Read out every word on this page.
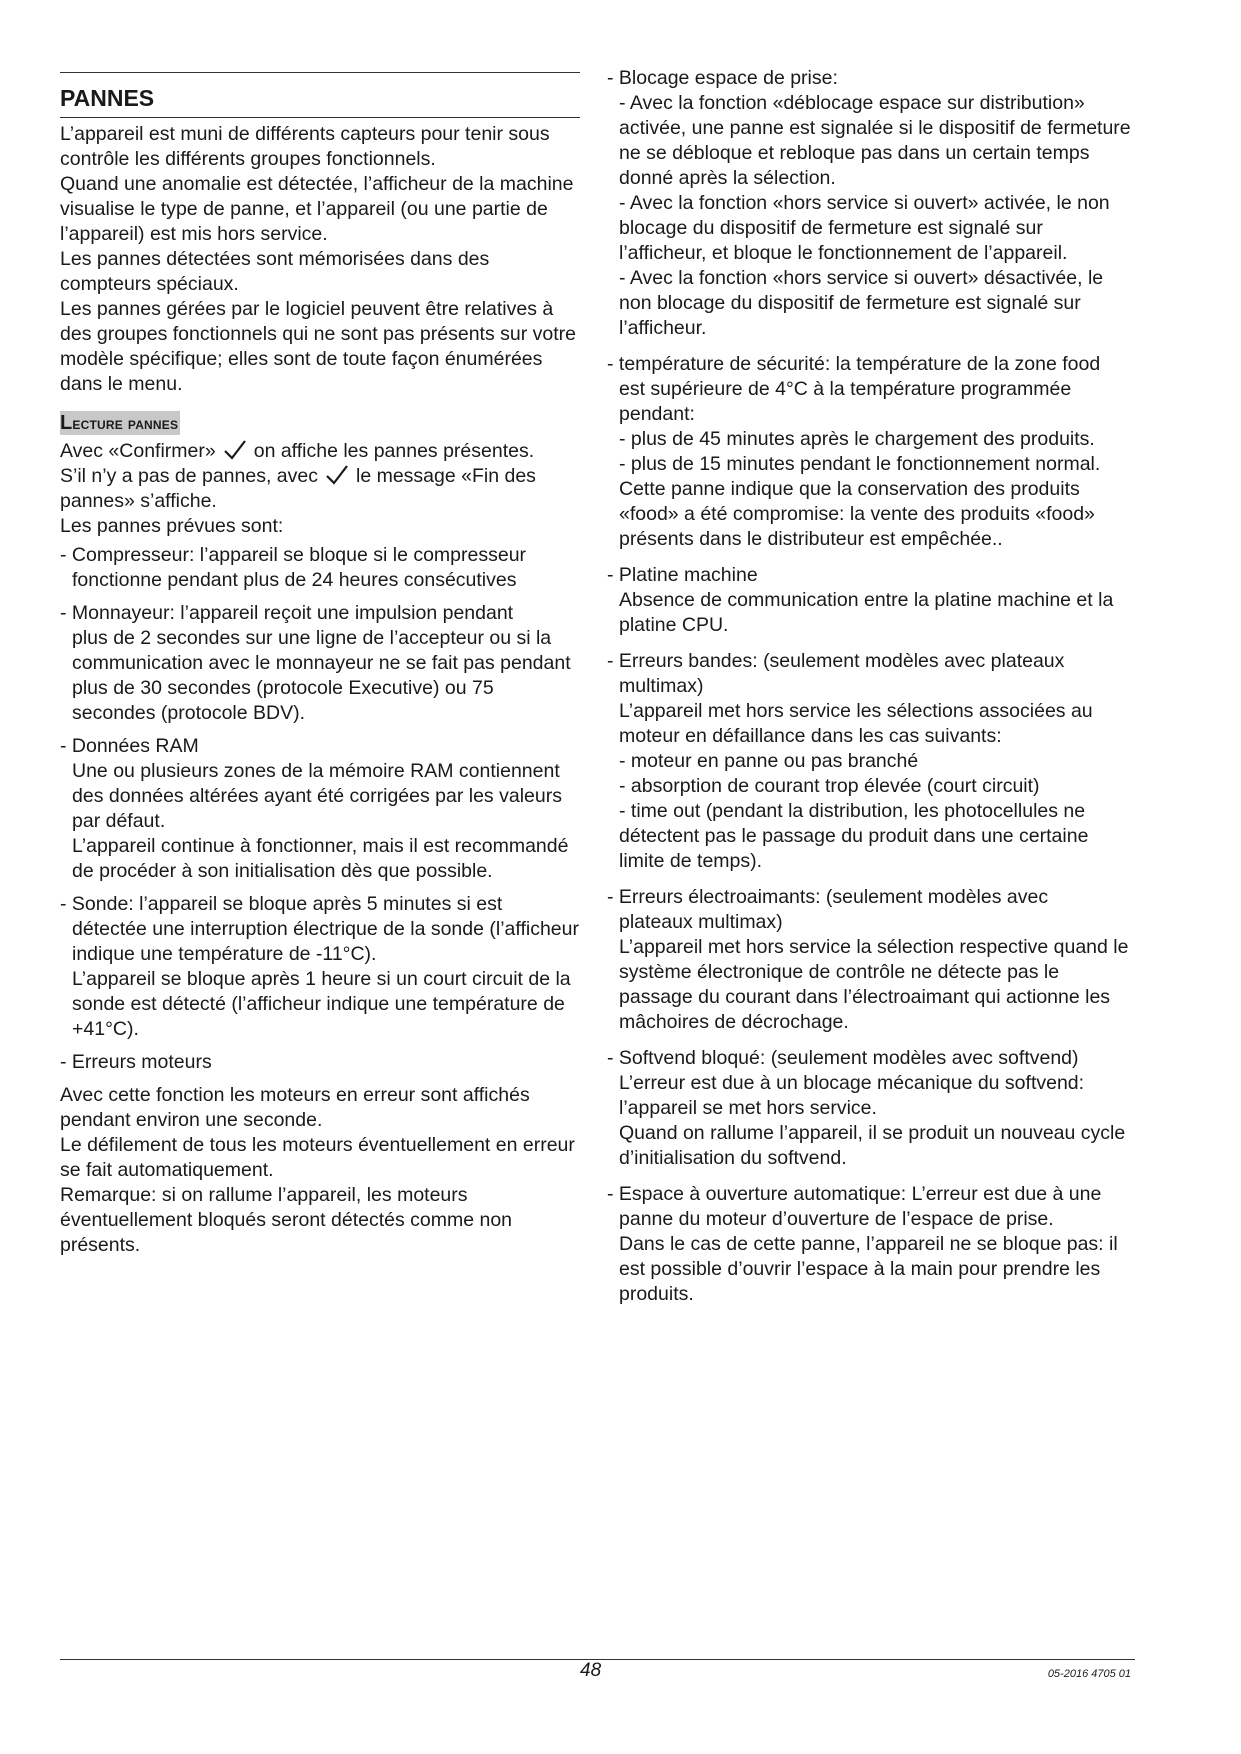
PANNES

L’appareil est muni de différents capteurs pour tenir sous contrôle les différents groupes fonctionnels.

Quand une anomalie est détectée, l’afficheur de la machine visualise le type de panne, et l’appareil (ou une partie de l’appareil) est mis hors service.

Les pannes détectées sont mémorisées dans des compteurs spéciaux.

Les pannes gérées par le logiciel peuvent être relatives à des groupes fonctionnels qui ne sont pas présents sur votre modèle spécifique; elles sont de toute façon énumérées dans le menu.

Lecture pannes

Avec «Confirmer» on affiche les pannes présentes.

S’il n’y a pas de pannes, avec le message «Fin des pannes» s’affiche.

Les pannes prévues sont:

- Compresseur: l’appareil se bloque si le compresseur
fonctionne pendant plus de 24 heures consécutives
- Monnayeur: l’appareil reçoit une impulsion pendant
plus de 2 secondes sur une ligne de l’accepteur ou si la communication avec le monnayeur ne se fait pas pendant plus de 30 secondes (protocole Executive) ou 75 secondes (protocole BDV).
- Données RAM
Une ou plusieurs zones de la mémoire RAM contiennent des données altérées ayant été corrigées par les valeurs par défaut.
L’appareil continue à fonctionner, mais il est recommandé de procéder à son initialisation dès que possible.
- Sonde: l’appareil se bloque après 5 minutes si est
détectée une interruption électrique de la sonde (l’afficheur indique une température de -11°C).
L’appareil se bloque après 1 heure si un court circuit de la sonde est détecté (l’afficheur indique une température de +41°C).
- Erreurs moteurs

Avec cette fonction les moteurs en erreur sont affichés pendant environ une seconde.
Le défilement de tous les moteurs éventuellement en erreur se fait automatiquement.
Remarque: si on rallume l’appareil, les moteurs éventuellement bloqués seront détectés comme non présents.

- Blocage espace de prise:
- Avec la fonction «déblocage espace sur distribution» activée, une panne est signalée si le dispositif de fermeture ne se débloque et rebloque pas dans un certain temps donné après la sélection.
- Avec la fonction «hors service si ouvert» activée, le non blocage du dispositif de fermeture est signalé sur l’afficheur, et bloque le fonctionnement de l’appareil.
- Avec la fonction «hors service si ouvert» désactivée, le non blocage du dispositif de fermeture est signalé sur l’afficheur.
- température de sécurité: la température de la zone food
est supérieure de 4°C à la température programmée pendant:
- plus de 45 minutes après le chargement des produits.
- plus de 15 minutes pendant le fonctionnement normal.
Cette panne indique que la conservation des produits «food» a été compromise: la vente des produits «food» présents dans le distributeur est empêchée..
- Platine machine
Absence de communication entre la platine machine et la platine CPU.
- Erreurs bandes: (seulement modèles avec plateaux
multimax)
L’appareil met hors service les sélections associées au moteur en défaillance dans les cas suivants:
- moteur en panne ou pas branché
- absorption de courant trop élevée (court circuit)
- time out (pendant la distribution, les photocellules ne détectent pas le passage du produit dans une certaine limite de temps).
- Erreurs électroaimants: (seulement modèles avec
plateaux multimax)
L’appareil met hors service la sélection respective quand le système électronique de contrôle ne détecte pas le passage du courant dans l’électroaimant qui actionne les mâchoires de décrochage.
- Softvend bloqué: (seulement modèles avec softvend)
L’erreur est due à un blocage mécanique du softvend: l’appareil se met hors service.
Quand on rallume l’appareil, il se produit un nouveau cycle d’initialisation du softvend.
- Espace à ouverture automatique: L’erreur est due à une
panne du moteur d’ouverture de l’espace de prise.
Dans le cas de cette panne, l’appareil ne se bloque pas: il est possible d’ouvrir l’espace à la main pour prendre les produits.
48	05-2016 4705 01
